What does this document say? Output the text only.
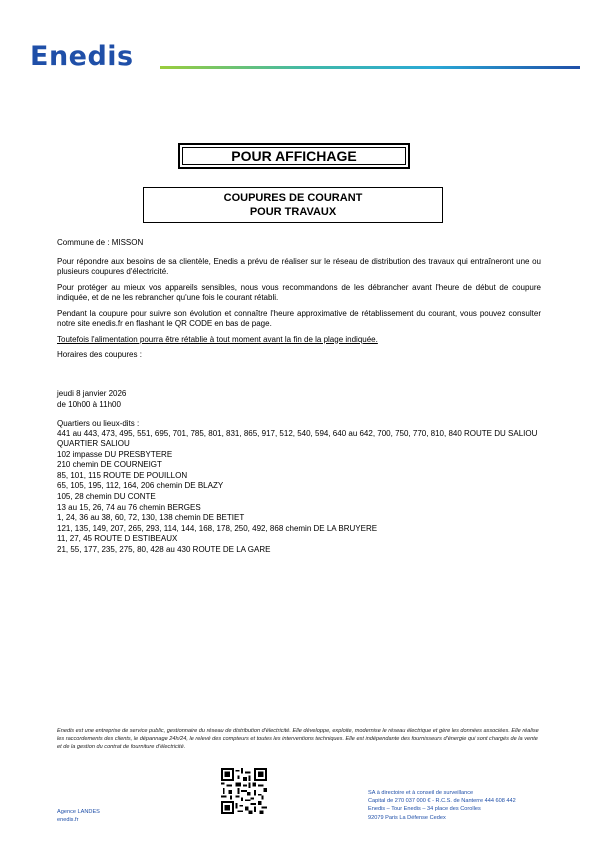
Enedis
POUR AFFICHAGE
COUPURES DE COURANT
POUR TRAVAUX

Commune de : MISSON

Pour répondre aux besoins de sa clientèle, Enedis a prévu de réaliser sur le réseau de distribution des travaux qui entraîneront une ou plusieurs coupures d'électricité.

Pour protéger au mieux vos appareils sensibles, nous vous recommandons de les débrancher avant l'heure de début de coupure indiquée, et de ne les rebrancher qu'une fois le courant rétabli.

Pendant la coupure pour suivre son évolution et connaître l'heure approximative de rétablissement du courant, vous pouvez consulter notre site enedis.fr en flashant le QR CODE en bas de page.

Toutefois l'alimentation pourra être rétablie à tout moment avant la fin de la plage indiquée.

Horaires des coupures :

jeudi 8 janvier 2026
de 10h00 à 11h00
Quartiers ou lieux-dits :
441 au 443, 473, 495, 551, 695, 701, 785, 801, 831, 865, 917, 512, 540, 594, 640 au 642, 700, 750, 770, 810, 840 ROUTE DU SALIOU
QUARTIER SALIOU
102 impasse DU PRESBYTERE
210 chemin DE COURNEIGT
85, 101, 115 ROUTE DE POUILLON
65, 105, 195, 112, 164, 206 chemin DE BLAZY
105, 28 chemin DU CONTE
13 au 15, 26, 74 au 76 chemin BERGES
1, 24, 36 au 38, 60, 72, 130, 138 chemin DE BETIET
121, 135, 149, 207, 265, 293, 114, 144, 168, 178, 250, 492, 868 chemin DE LA BRUYERE
11, 27, 45 ROUTE D ESTIBEAUX
21, 55, 177, 235, 275, 80, 428 au 430 ROUTE DE LA GARE
Enedis est une entreprise de service public, gestionnaire du réseau de distribution d'électricité. Elle développe, exploite, modernise le réseau électrique et gère les données associées. Elle réalise les raccordements des clients, le dépannage 24h/24, le relevé des compteurs et toutes les interventions techniques. Elle est indépendante des fournisseurs d'énergie qui sont chargés de la vente et de la gestion du contrat de fourniture d'électricité.
Agence LANDES
enedis.fr
SA à directoire et à conseil de surveillance
Capital de 270 037 000 € - R.C.S. de Nanterre 444 608 442
Enedis – Tour Enedis – 34 place des Corolles
92079 Paris La Défense Cedex
